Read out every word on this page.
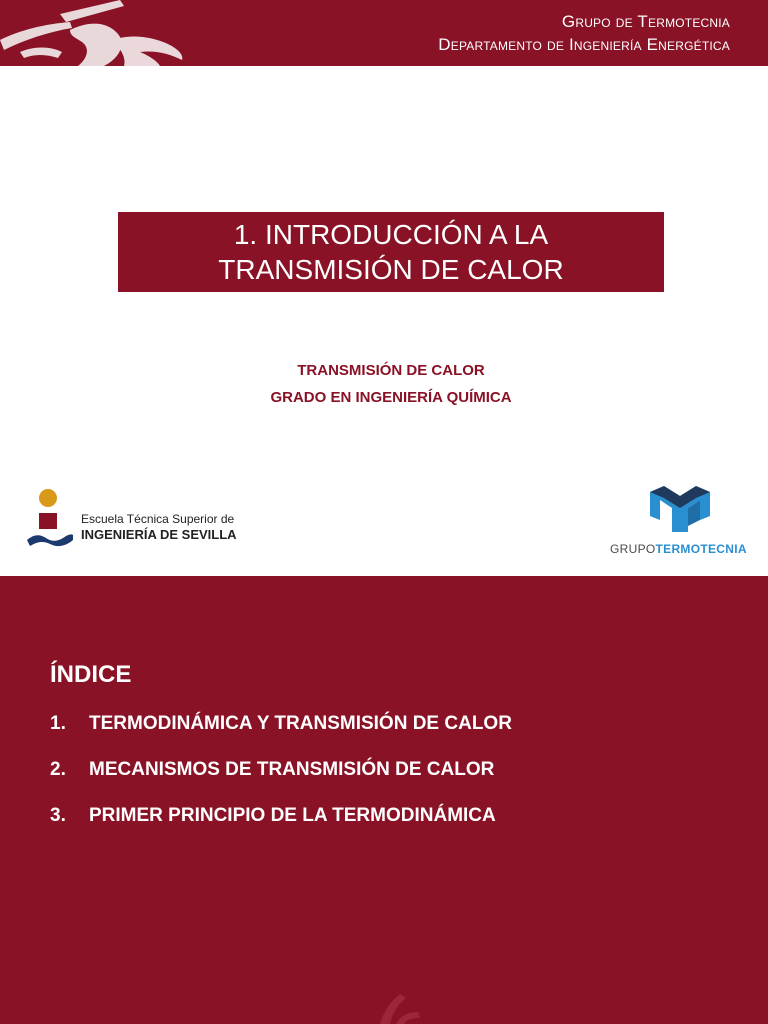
Grupo de Termotecnia
Departamento de Ingeniería Energética
1. INTRODUCCIÓN A LA
TRANSMISIÓN DE CALOR
TRANSMISIÓN DE CALOR
GRADO EN INGENIERÍA QUÍMICA
Escuela Técnica Superior de
INGENIERÍA DE SEVILLA
GRUPOTERMOTECNIA
ÍNDICE
1.	TERMODINÁMICA Y TRANSMISIÓN DE CALOR
2.	MECANISMOS DE TRANSMISIÓN DE CALOR
3.	PRIMER PRINCIPIO DE LA TERMODINÁMICA
